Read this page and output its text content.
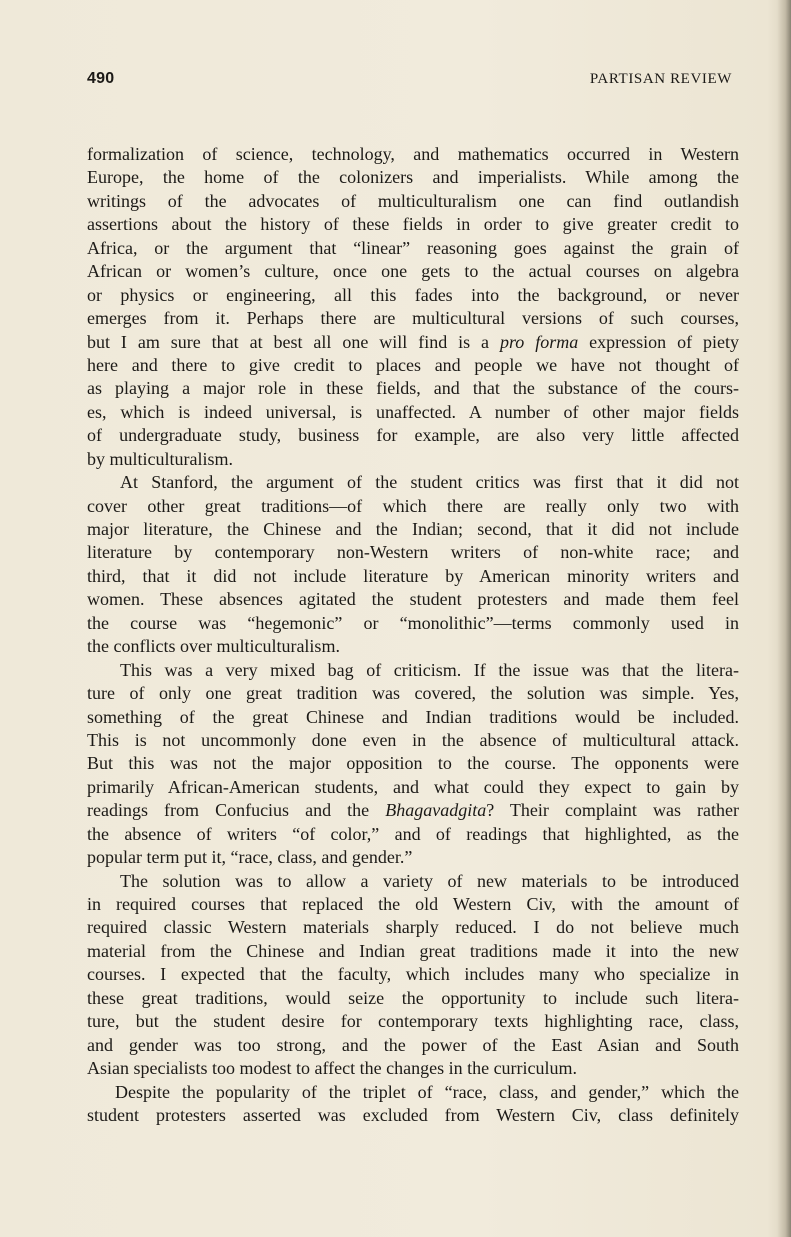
490	PARTISAN REVIEW
formalization of science, technology, and mathematics occurred in Western
Europe, the home of the colonizers and imperialists. While among the
writings of the advocates of multiculturalism one can find outlandish
assertions about the history of these fields in order to give greater credit to
Africa, or the argument that “linear” reasoning goes against the grain of
African or women’s culture, once one gets to the actual courses on algebra
or physics or engineering, all this fades into the background, or never
emerges from it. Perhaps there are multicultural versions of such courses,
but I am sure that at best all one will find is a pro forma expression of piety
here and there to give credit to places and people we have not thought of
as playing a major role in these fields, and that the substance of the cours-
es, which is indeed universal, is unaffected. A number of other major fields
of undergraduate study, business for example, are also very little affected
by multiculturalism.
At Stanford, the argument of the student critics was first that it did not
cover other great traditions—of which there are really only two with
major literature, the Chinese and the Indian; second, that it did not include
literature by contemporary non-Western writers of non-white race; and
third, that it did not include literature by American minority writers and
women. These absences agitated the student protesters and made them feel
the course was “hegemonic” or “monolithic”—terms commonly used in
the conflicts over multiculturalism.
This was a very mixed bag of criticism. If the issue was that the litera-
ture of only one great tradition was covered, the solution was simple. Yes,
something of the great Chinese and Indian traditions would be included.
This is not uncommonly done even in the absence of multicultural attack.
But this was not the major opposition to the course. The opponents were
primarily African-American students, and what could they expect to gain by
readings from Confucius and the Bhagavadgita? Their complaint was rather
the absence of writers “of color,” and of readings that highlighted, as the
popular term put it, “race, class, and gender.”
The solution was to allow a variety of new materials to be introduced
in required courses that replaced the old Western Civ, with the amount of
required classic Western materials sharply reduced. I do not believe much
material from the Chinese and Indian great traditions made it into the new
courses. I expected that the faculty, which includes many who specialize in
these great traditions, would seize the opportunity to include such litera-
ture, but the student desire for contemporary texts highlighting race, class,
and gender was too strong, and the power of the East Asian and South
Asian specialists too modest to affect the changes in the curriculum.
Despite the popularity of the triplet of “race, class, and gender,” which the
student protesters asserted was excluded from Western Civ, class definitely
